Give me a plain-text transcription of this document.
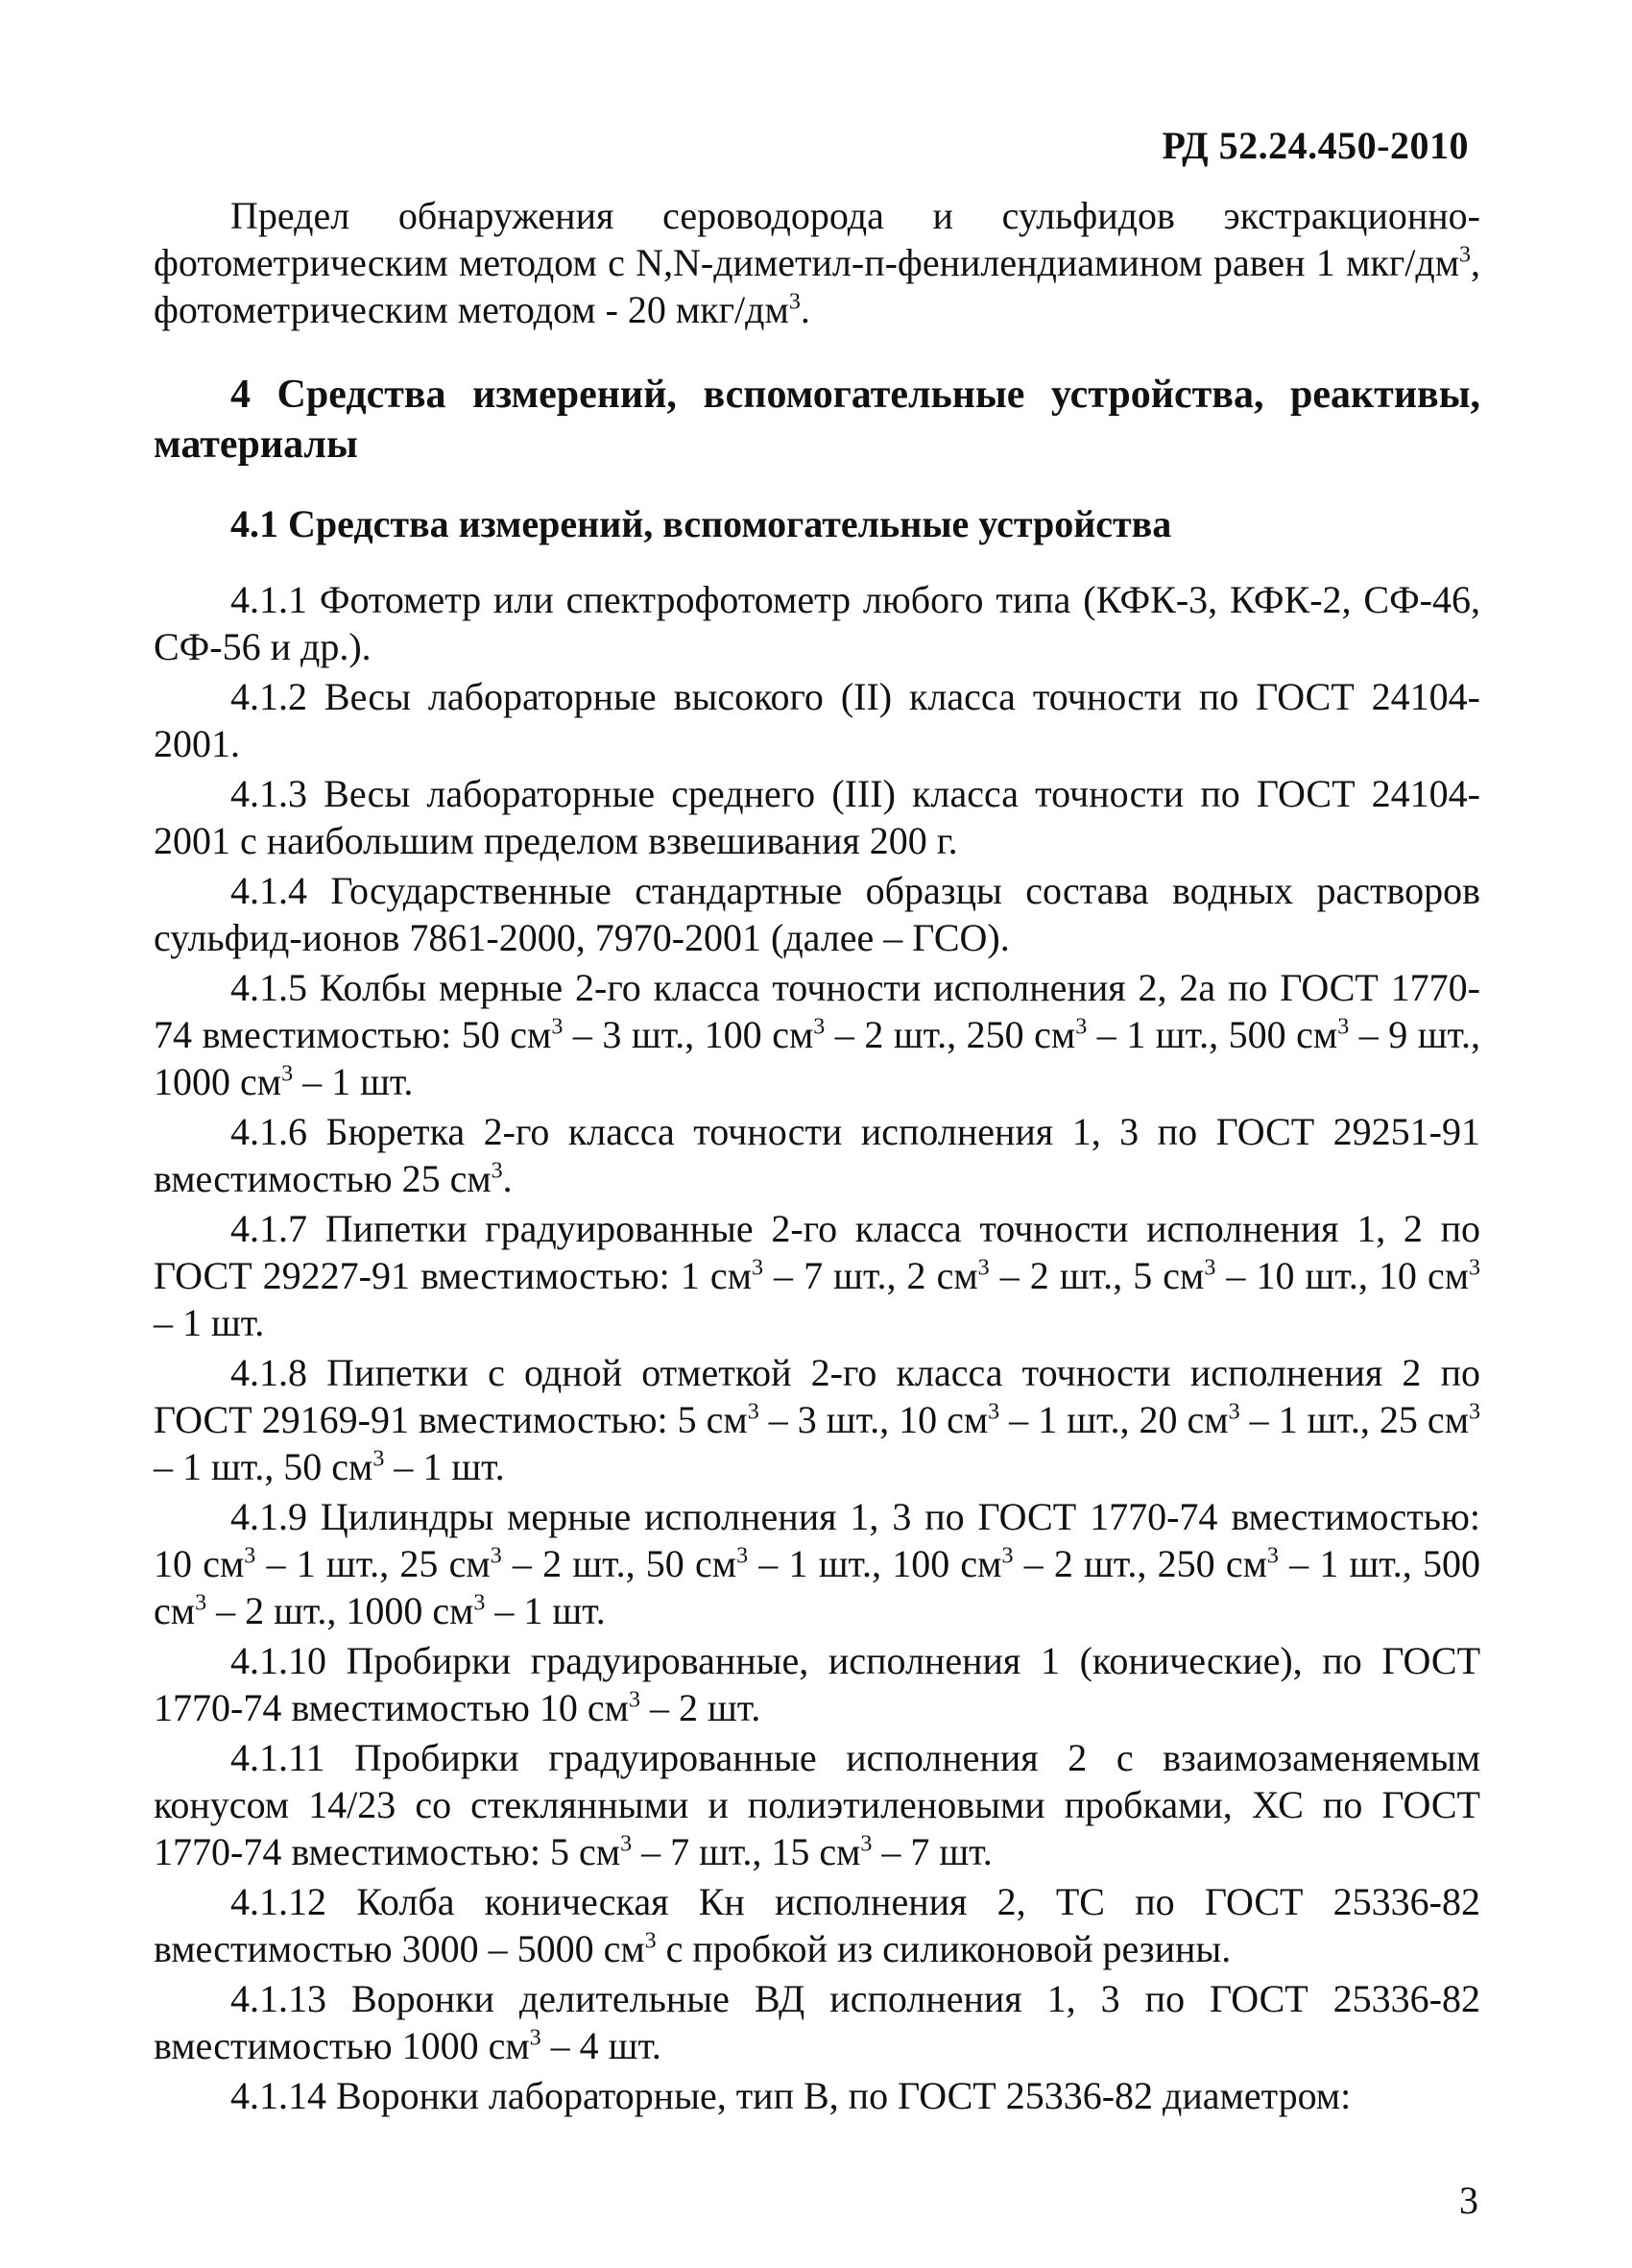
РД 52.24.450-2010

Предел обнаружения сероводорода и сульфидов экстракционно-фотометрическим методом с N,N-диметил-п-фенилендиамином равен 1 мкг/$дм^3$, фотометрическим методом - 20 мкг/$дм^3$.

4 Средства измерений, вспомогательные устройства, реактивы, материалы

4.1 Средства измерений, вспомогательные устройства

4.1.1 Фотометр или спектрофотометр любого типа (КФК-3, КФК-2, СФ-46, СФ-56 и др.).

4.1.2 Весы лабораторные высокого (II) класса точности по ГОСТ 24104-2001.

4.1.3 Весы лабораторные среднего (III) класса точности по ГОСТ 24104-2001 с наибольшим пределом взвешивания 200 г.

4.1.4 Государственные стандартные образцы состава водных растворов сульфид-ионов 7861-2000, 7970-2001 (далее – ГСО).

4.1.5 Колбы мерные 2-го класса точности исполнения 2, 2а по ГОСТ 1770-74 вместимостью: 50 $см^3 - 3$ шт., 100 $см^3 - 2$ шт., 250 $см^3 - 1$ шт., 500 $см^3 - 9$ шт., 1000 $см^3 - 1$ шт.

4.1.6 Бюретка 2-го класса точности исполнения 1, 3 по ГОСТ 29251-91 вместимостью 25 $см^3$.

4.1.7 Пипетки градуированные 2-го класса точности исполнения 1, 2 по ГОСТ 29227-91 вместимостью: 1 $см^3 - 7$ шт., 2 $см^3 - 2$ шт., 5 $см^3 - 10$ шт., 10 $см^3 - 1$ шт.

4.1.8 Пипетки с одной отметкой 2-го класса точности исполнения 2 по ГОСТ 29169-91 вместимостью: 5 $см^3 - 3$ шт., 10 $см^3 - 1$ шт., 20 $см^3 - 1$ шт., 25 $см^3 - 1$ шт., 50 $см^3 - 1$ шт.

4.1.9 Цилиндры мерные исполнения 1, 3 по ГОСТ 1770-74 вместимостью: 10 $см^3 - 1$ шт., 25 $см^3 - 2$ шт., 50 $см^3 - 1$ шт., 100 $см^3 - 2$ шт., 250 $см^3 - 1$ шт., 500 $см^3 - 2$ шт., 1000 $см^3 - 1$ шт.

4.1.10 Пробирки градуированные, исполнения 1 (конические), по ГОСТ 1770-74 вместимостью 10 $см^3 - 2$ шт.

4.1.11 Пробирки градуированные исполнения 2 с взаимозаменяемым конусом 14/23 со стеклянными и полиэтиленовыми пробками, ХС по ГОСТ 1770-74 вместимостью: 5 $см^3 - 7$ шт., 15 $см^3 - 7$ шт.

4.1.12 Колба коническая Кн исполнения 2, ТС по ГОСТ 25336-82 вместимостью 3000 – 5000 $см^3$ с пробкой из силиконовой резины.

4.1.13 Воронки делительные ВД исполнения 1, 3 по ГОСТ 25336-82 вместимостью 1000 $см^3 - 4$ шт.

4.1.14 Воронки лабораторные, тип В, по ГОСТ 25336-82 диаметром:

3
